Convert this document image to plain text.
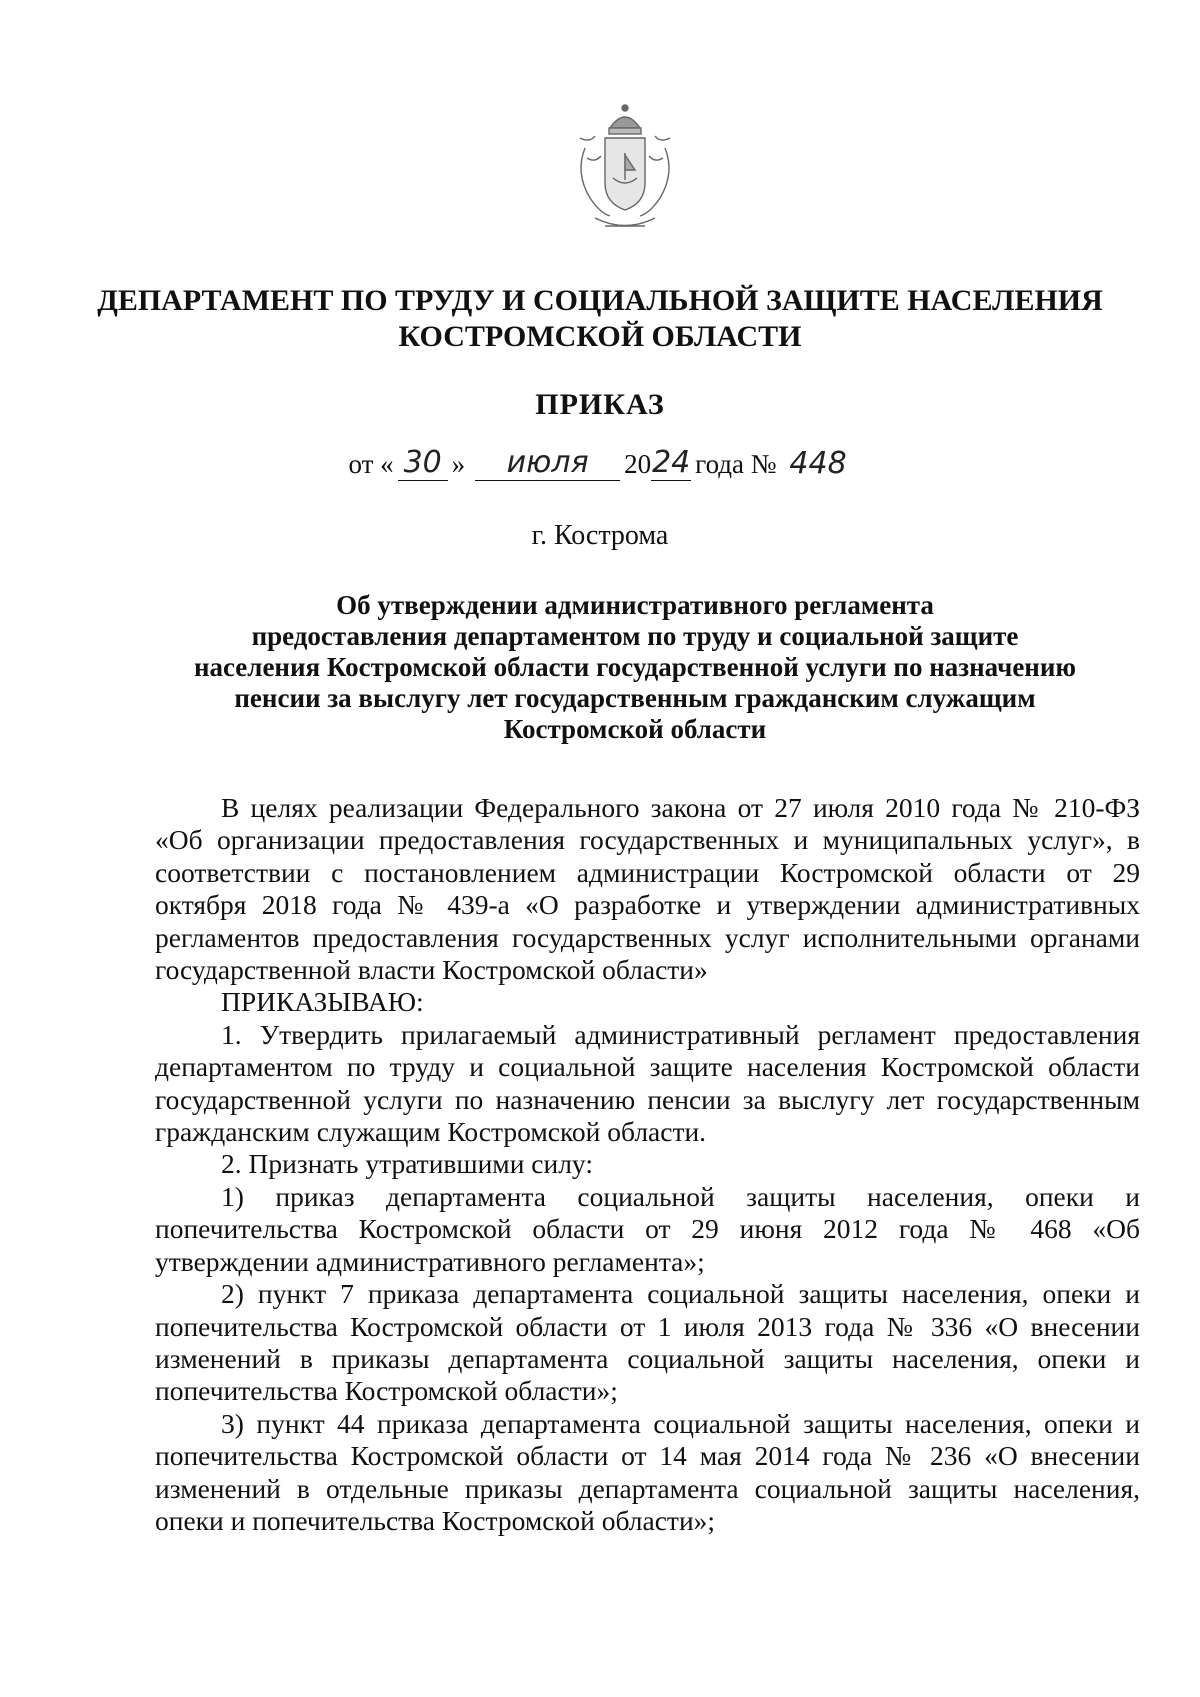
ДЕПАРТАМЕНТ ПО ТРУДУ И СОЦИАЛЬНОЙ ЗАЩИТЕ НАСЕЛЕНИЯ
КОСТРОМСКОЙ ОБЛАСТИ
ПРИКАЗ
от « 30 »	июля	20 24 года № 448
г. Кострома
Об утверждении административного регламента
предоставления департаментом по труду и социальной защите
населения Костромской области государственной услуги по назначению
пенсии за выслугу лет государственным гражданским служащим
Костромской области

В целях реализации Федерального закона от 27 июля 2010 года № 210-ФЗ «Об организации предоставления государственных и муниципальных услуг», в соответствии с постановлением администрации Костромской области от 29 октября 2018 года № 439-а «О разработке и утверждении административных регламентов предоставления государственных услуг исполнительными органами государственной власти Костромской области»

ПРИКАЗЫВАЮ:

1. Утвердить прилагаемый административный регламент предоставления департаментом по труду и социальной защите населения Костромской области государственной услуги по назначению пенсии за выслугу лет государственным гражданским служащим Костромской области.

2. Признать утратившими силу:

1) приказ департамента социальной защиты населения, опеки и попечительства Костромской области от 29 июня 2012 года № 468 «Об утверждении административного регламента»;

2) пункт 7 приказа департамента социальной защиты населения, опеки и попечительства Костромской области от 1 июля 2013 года № 336 «О внесении изменений в приказы департамента социальной защиты населения, опеки и попечительства Костромской области»;

3) пункт 44 приказа департамента социальной защиты населения, опеки и попечительства Костромской области от 14 мая 2014 года № 236 «О внесении изменений в отдельные приказы департамента социальной защиты населения, опеки и попечительства Костромской области»;
